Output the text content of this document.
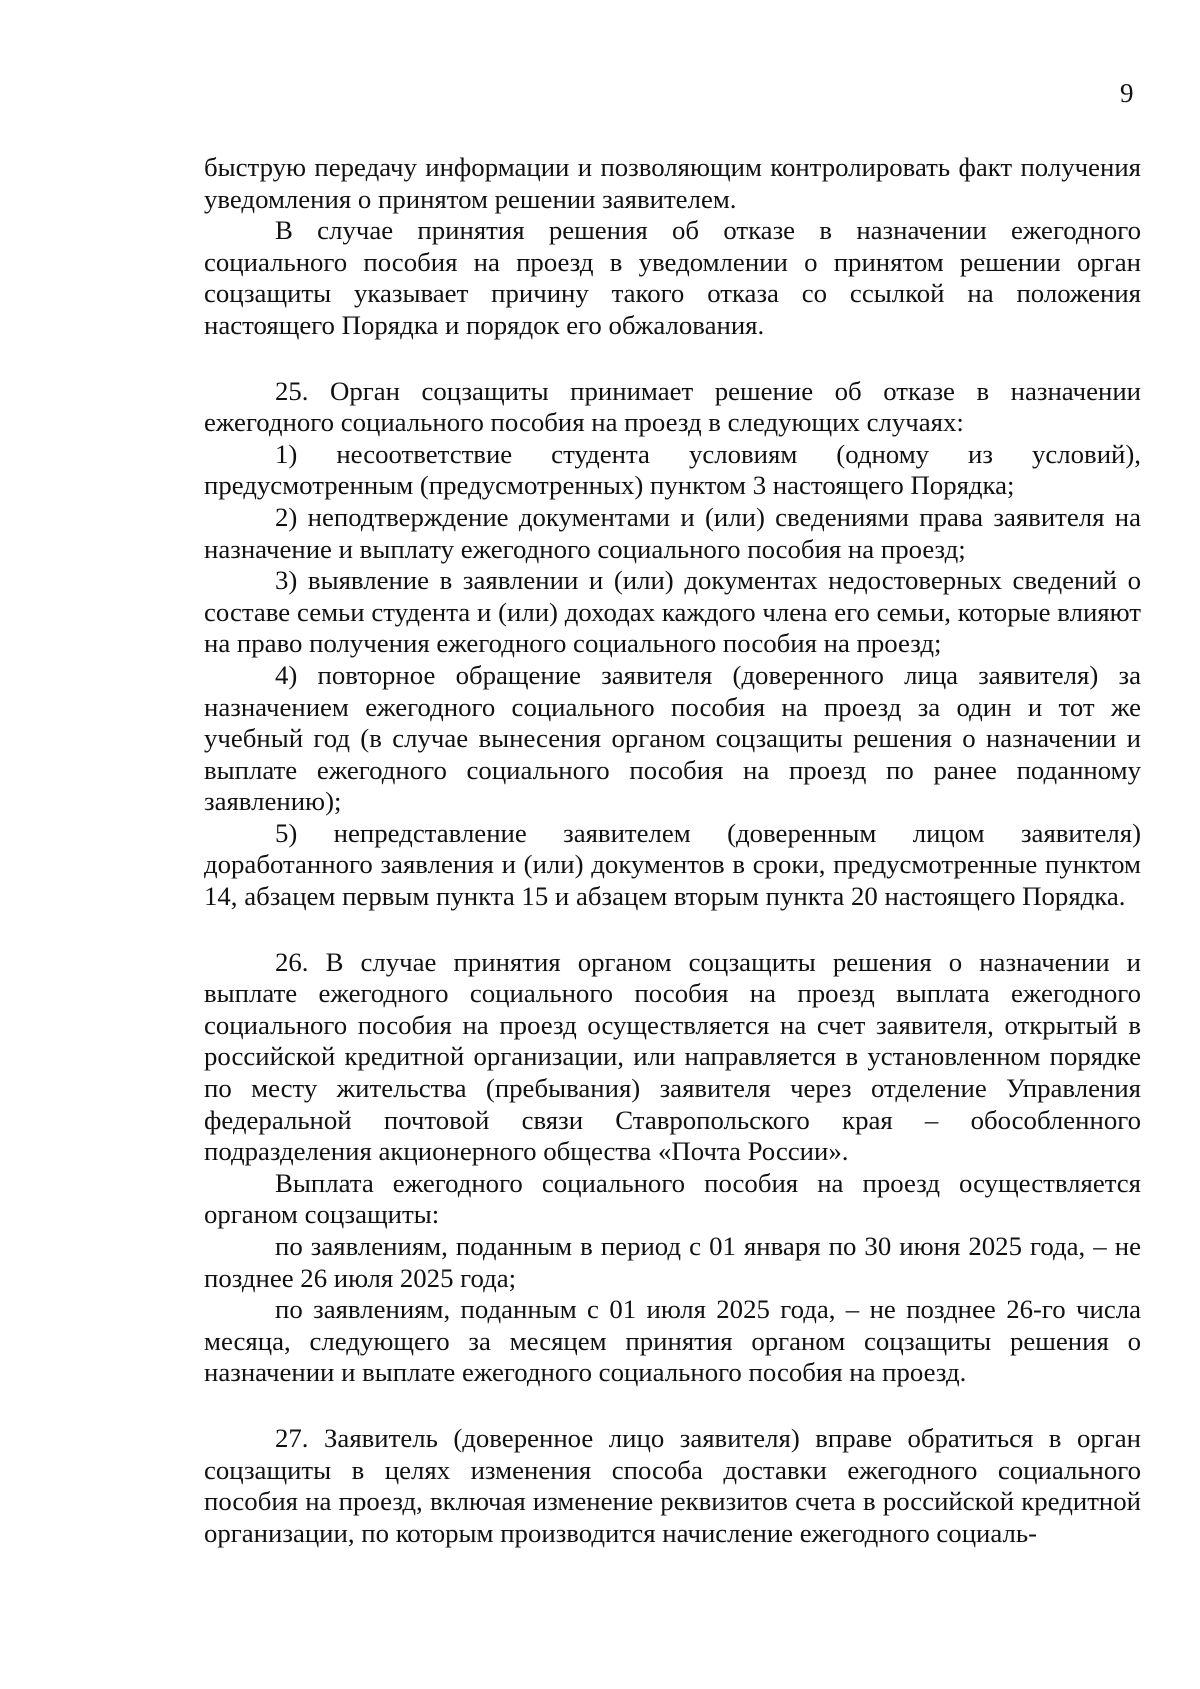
9

быструю передачу информации и позволяющим контролировать факт получения уведомления о принятом решении заявителем.

В случае принятия решения об отказе в назначении ежегодного социального пособия на проезд в уведомлении о принятом решении орган соцзащиты указывает причину такого отказа со ссылкой на положения настоящего Порядка и порядок его обжалования.

25. Орган соцзащиты принимает решение об отказе в назначении ежегодного социального пособия на проезд в следующих случаях:

1) несоответствие студента условиям (одному из условий), предусмотренным (предусмотренных) пунктом 3 настоящего Порядка;

2) неподтверждение документами и (или) сведениями права заявителя на назначение и выплату ежегодного социального пособия на проезд;

3) выявление в заявлении и (или) документах недостоверных сведений о составе семьи студента и (или) доходах каждого члена его семьи, которые влияют на право получения ежегодного социального пособия на проезд;

4) повторное обращение заявителя (доверенного лица заявителя) за назначением ежегодного социального пособия на проезд за один и тот же учебный год (в случае вынесения органом соцзащиты решения о назначении и выплате ежегодного социального пособия на проезд по ранее поданному заявлению);

5) непредставление заявителем (доверенным лицом заявителя) доработанного заявления и (или) документов в сроки, предусмотренные пунктом 14, абзацем первым пункта 15 и абзацем вторым пункта 20 настоящего Порядка.

26. В случае принятия органом соцзащиты решения о назначении и выплате ежегодного социального пособия на проезд выплата ежегодного социального пособия на проезд осуществляется на счет заявителя, открытый в российской кредитной организации, или направляется в установленном порядке по месту жительства (пребывания) заявителя через отделение Управления федеральной почтовой связи Ставропольского края – обособленного подразделения акционерного общества «Почта России».

Выплата ежегодного социального пособия на проезд осуществляется органом соцзащиты:

по заявлениям, поданным в период с 01 января по 30 июня 2025 года, – не позднее 26 июля 2025 года;

по заявлениям, поданным с 01 июля 2025 года, – не позднее 26-го числа месяца, следующего за месяцем принятия органом соцзащиты решения о назначении и выплате ежегодного социального пособия на проезд.

27. Заявитель (доверенное лицо заявителя) вправе обратиться в орган соцзащиты в целях изменения способа доставки ежегодного социального пособия на проезд, включая изменение реквизитов счета в российской кредитной организации, по которым производится начисление ежегодного социаль-
